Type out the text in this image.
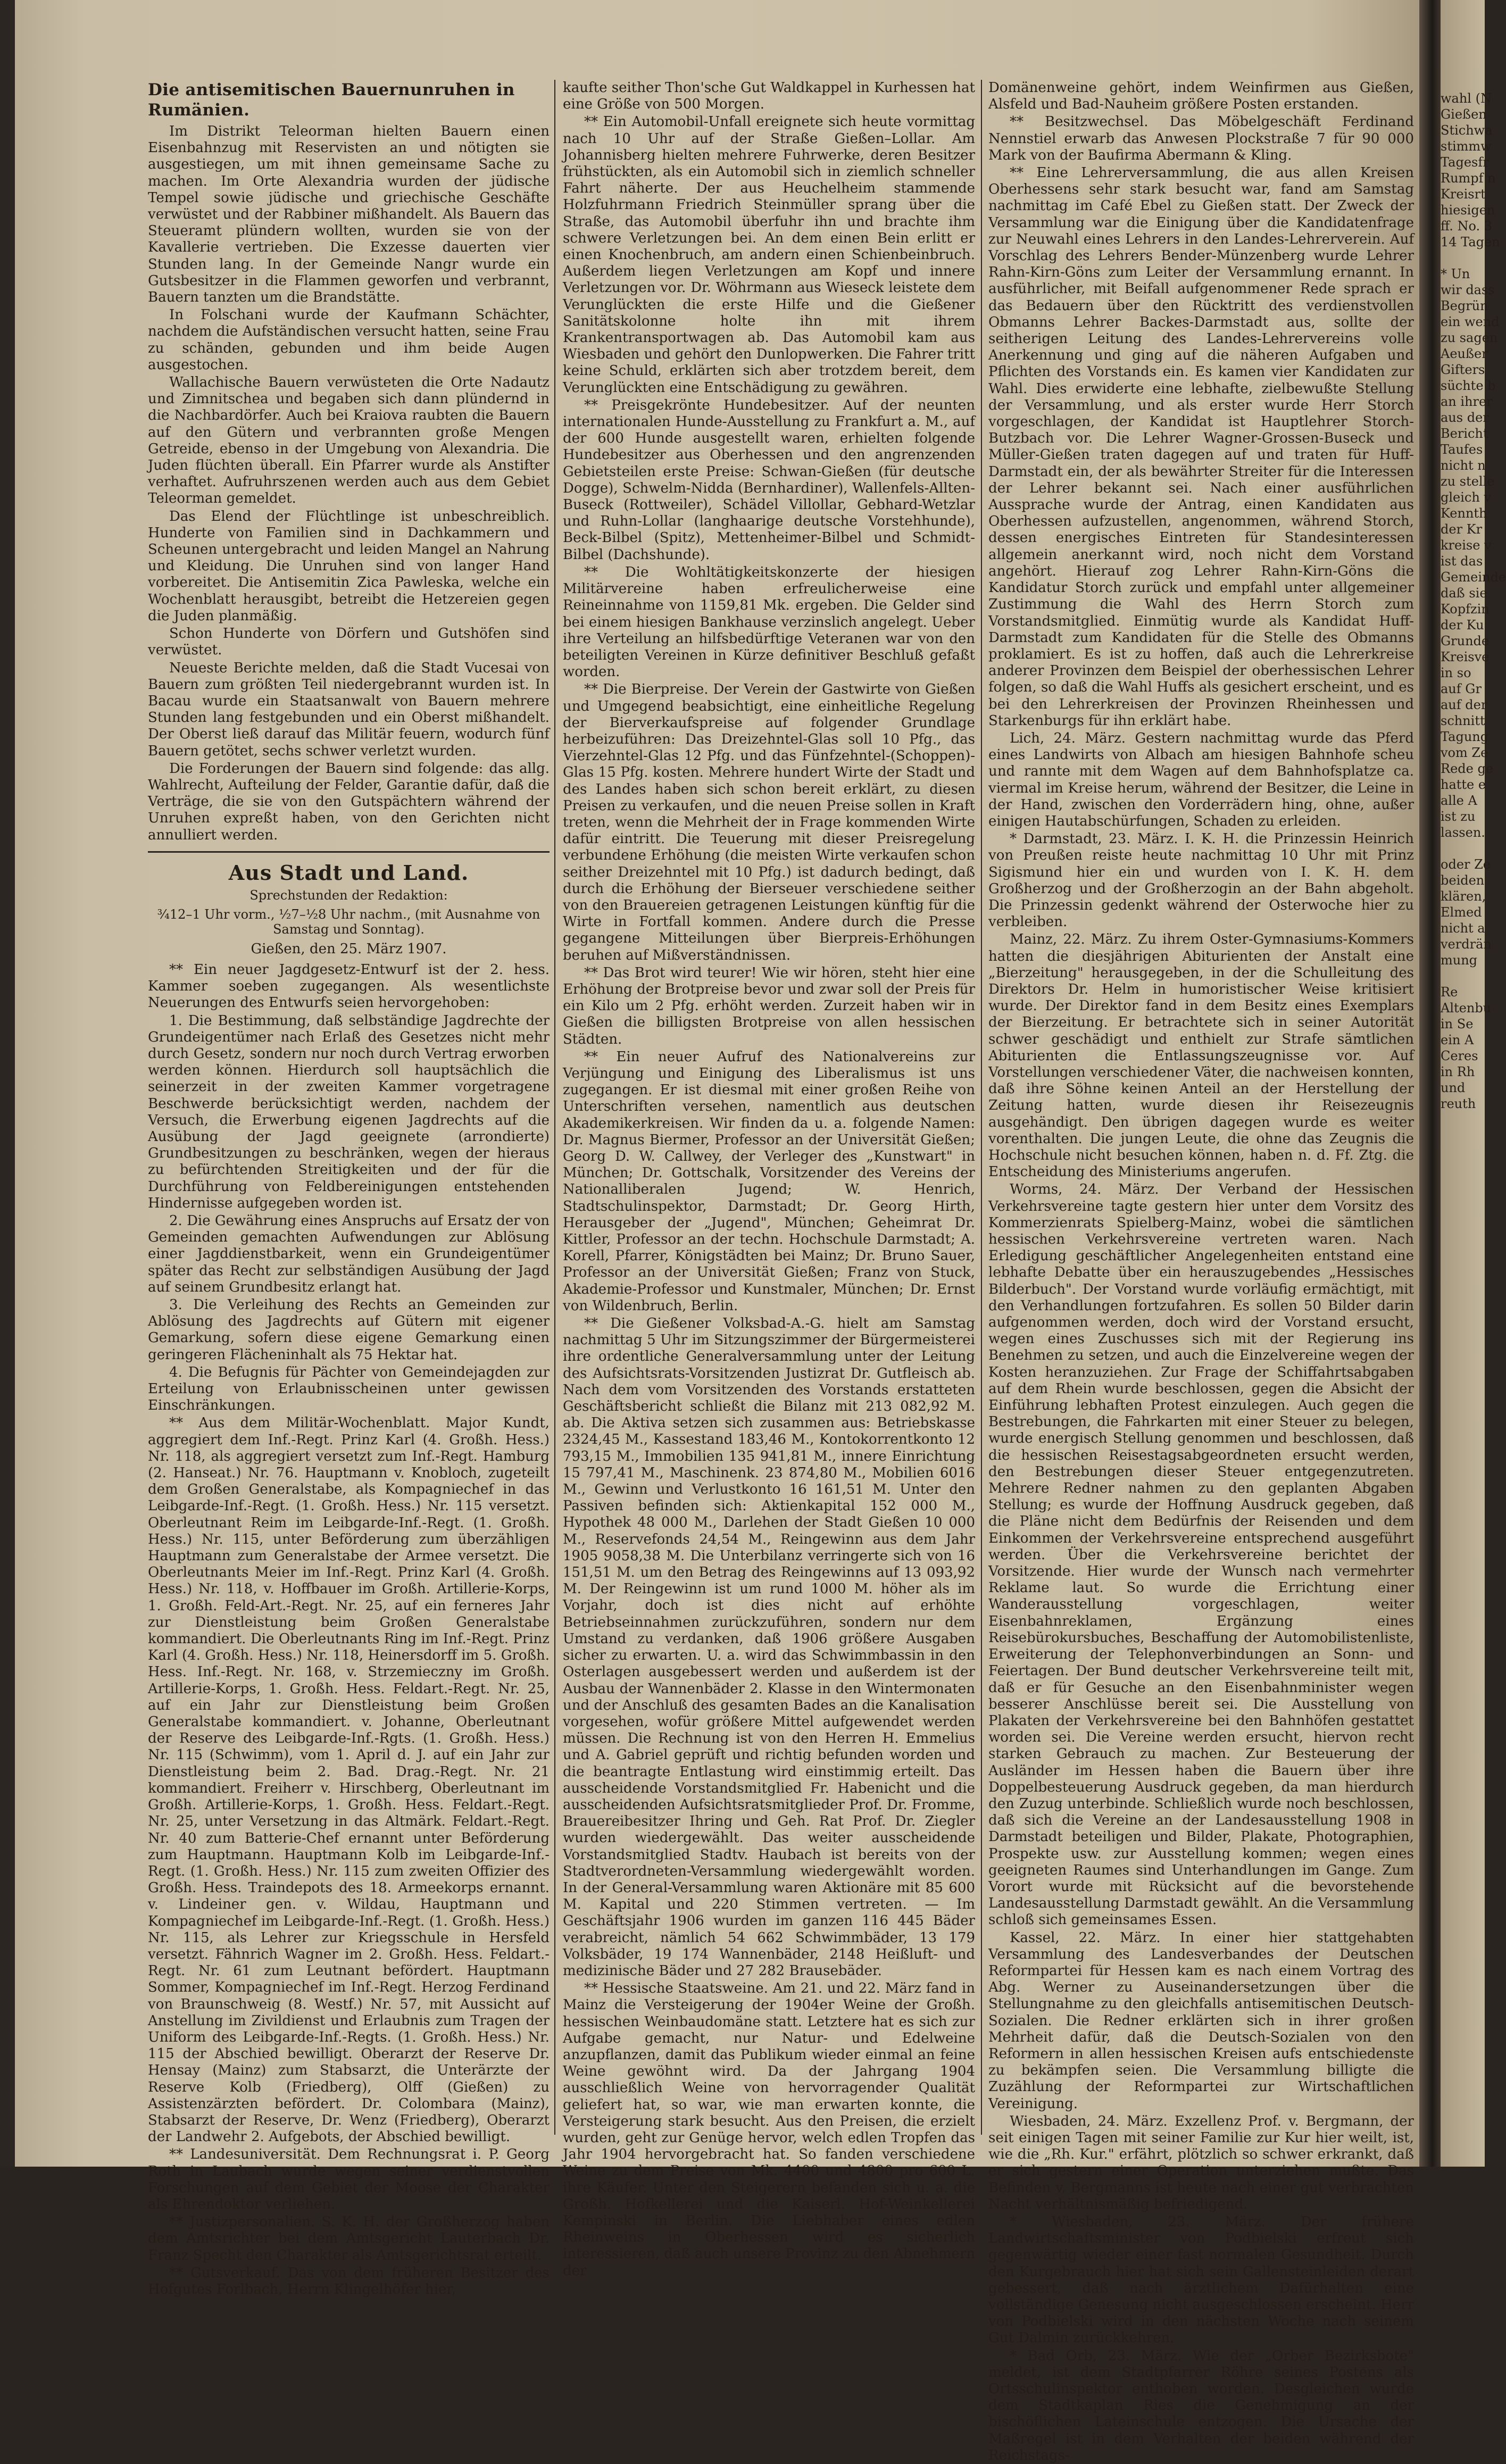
Die antisemitischen Bauernunruhen in Rumänien.

Im Distrikt Teleorman hielten Bauern einen Eisenbahnzug mit Reservisten an und nötigten sie ausgestiegen, um mit ihnen gemeinsame Sache zu machen. Im Orte Alexandria wurden der jüdische Tempel sowie jüdische und griechische Geschäfte verwüstet und der Rabbiner mißhandelt. Als Bauern das Steueramt plündern wollten, wurden sie von der Kavallerie vertrieben. Die Exzesse dauerten vier Stunden lang. In der Gemeinde Nangr wurde ein Gutsbesitzer in die Flammen geworfen und verbrannt, Bauern tanzten um die Brandstätte.

In Folschani wurde der Kaufmann Schächter, nachdem die Aufständischen versucht hatten, seine Frau zu schänden, gebunden und ihm beide Augen ausgestochen.

Wallachische Bauern verwüsteten die Orte Nadautz und Zimnitschea und begaben sich dann plündernd in die Nachbardörfer. Auch bei Kraiova raubten die Bauern auf den Gütern und verbrannten große Mengen Getreide, ebenso in der Umgebung von Alexandria. Die Juden flüchten überall. Ein Pfarrer wurde als Anstifter verhaftet. Aufruhrszenen werden auch aus dem Gebiet Teleorman gemeldet.

Das Elend der Flüchtlinge ist unbeschreiblich. Hunderte von Familien sind in Dachkammern und Scheunen untergebracht und leiden Mangel an Nahrung und Kleidung. Die Unruhen sind von langer Hand vorbereitet. Die Antisemitin Zica Pawleska, welche ein Wochenblatt herausgibt, betreibt die Hetzereien gegen die Juden planmäßig.

Schon Hunderte von Dörfern und Gutshöfen sind verwüstet.

Neueste Berichte melden, daß die Stadt Vucesai von Bauern zum größten Teil niedergebrannt wurden ist. In Bacau wurde ein Staatsanwalt von Bauern mehrere Stunden lang festgebunden und ein Oberst mißhandelt. Der Oberst ließ darauf das Militär feuern, wodurch fünf Bauern getötet, sechs schwer verletzt wurden.

Die Forderungen der Bauern sind folgende: das allg. Wahlrecht, Aufteilung der Felder, Garantie dafür, daß die Verträge, die sie von den Gutspächtern während der Unruhen expreßt haben, von den Gerichten nicht annulliert werden.

Aus Stadt und Land.
Sprechstunden der Redaktion:
¾12–1 Uhr vorm., ½7–½8 Uhr nachm., (mit Ausnahme von Samstag und Sonntag).
Gießen, den 25. März 1907.

** Ein neuer Jagdgesetz-Entwurf ist der 2. hess. Kammer soeben zugegangen. Als wesentlichste Neuerungen des Entwurfs seien hervorgehoben:

1. Die Bestimmung, daß selbständige Jagdrechte der Grundeigentümer nach Erlaß des Gesetzes nicht mehr durch Gesetz, sondern nur noch durch Vertrag erworben werden können. Hierdurch soll hauptsächlich die seinerzeit in der zweiten Kammer vorgetragene Beschwerde berücksichtigt werden, nachdem der Versuch, die Erwerbung eigenen Jagdrechts auf die Ausübung der Jagd geeignete (arrondierte) Grundbesitzungen zu beschränken, wegen der hieraus zu befürchtenden Streitigkeiten und der für die Durchführung von Feldbereinigungen entstehenden Hindernisse aufgegeben worden ist.

2. Die Gewährung eines Anspruchs auf Ersatz der von Gemeinden gemachten Aufwendungen zur Ablösung einer Jagddienstbarkeit, wenn ein Grundeigentümer später das Recht zur selbständigen Ausübung der Jagd auf seinem Grundbesitz erlangt hat.

3. Die Verleihung des Rechts an Gemeinden zur Ablösung des Jagdrechts auf Gütern mit eigener Gemarkung, sofern diese eigene Gemarkung einen geringeren Flächeninhalt als 75 Hektar hat.

4. Die Befugnis für Pächter von Gemeindejagden zur Erteilung von Erlaubnisscheinen unter gewissen Einschränkungen.

** Aus dem Militär-Wochenblatt. Major Kundt, aggregiert dem Inf.-Regt. Prinz Karl (4. Großh. Hess.) Nr. 118, als aggregiert versetzt zum Inf.-Regt. Hamburg (2. Hanseat.) Nr. 76. Hauptmann v. Knobloch, zugeteilt dem Großen Generalstabe, als Kompagniechef in das Leibgarde-Inf.-Regt. (1. Großh. Hess.) Nr. 115 versetzt. Oberleutnant Reim im Leibgarde-Inf.-Regt. (1. Großh. Hess.) Nr. 115, unter Beförderung zum überzähligen Hauptmann zum Generalstabe der Armee versetzt. Die Oberleutnants Meier im Inf.-Regt. Prinz Karl (4. Großh. Hess.) Nr. 118, v. Hoffbauer im Großh. Artillerie-Korps, 1. Großh. Feld-Art.-Regt. Nr. 25, auf ein ferneres Jahr zur Dienstleistung beim Großen Generalstabe kommandiert. Die Oberleutnants Ring im Inf.-Regt. Prinz Karl (4. Großh. Hess.) Nr. 118, Heinersdorff im 5. Großh. Hess. Inf.-Regt. Nr. 168, v. Strzemieczny im Großh. Artillerie-Korps, 1. Großh. Hess. Feldart.-Regt. Nr. 25, auf ein Jahr zur Dienstleistung beim Großen Generalstabe kommandiert. v. Johanne, Oberleutnant der Reserve des Leibgarde-Inf.-Rgts. (1. Großh. Hess.) Nr. 115 (Schwimm), vom 1. April d. J. auf ein Jahr zur Dienstleistung beim 2. Bad. Drag.-Regt. Nr. 21 kommandiert. Freiherr v. Hirschberg, Oberleutnant im Großh. Artillerie-Korps, 1. Großh. Hess. Feldart.-Regt. Nr. 25, unter Versetzung in das Altmärk. Feldart.-Regt. Nr. 40 zum Batterie-Chef ernannt unter Beförderung zum Hauptmann. Hauptmann Kolb im Leibgarde-Inf.-Regt. (1. Großh. Hess.) Nr. 115 zum zweiten Offizier des Großh. Hess. Traindepots des 18. Armeekorps ernannt. v. Lindeiner gen. v. Wildau, Hauptmann und Kompagniechef im Leibgarde-Inf.-Regt. (1. Großh. Hess.) Nr. 115, als Lehrer zur Kriegsschule in Hersfeld versetzt. Fähnrich Wagner im 2. Großh. Hess. Feldart.-Regt. Nr. 61 zum Leutnant befördert. Hauptmann Sommer, Kompagniechef im Inf.-Regt. Herzog Ferdinand von Braunschweig (8. Westf.) Nr. 57, mit Aussicht auf Anstellung im Zivildienst und Erlaubnis zum Tragen der Uniform des Leibgarde-Inf.-Regts. (1. Großh. Hess.) Nr. 115 der Abschied bewilligt. Oberarzt der Reserve Dr. Hensay (Mainz) zum Stabsarzt, die Unterärzte der Reserve Kolb (Friedberg), Olff (Gießen) zu Assistenzärzten befördert. Dr. Colombara (Mainz), Stabsarzt der Reserve, Dr. Wenz (Friedberg), Oberarzt der Landwehr 2. Aufgebots, der Abschied bewilligt.

** Landesuniversität. Dem Rechnungsrat i. P. Georg Roth in Laubach wurde wegen seiner verdienstvollen Forschungen auf dem Gebiet der Moose der Charakter als Ehrendoktor verliehen.

** Justizpersonalien. S. K. H. der Großherzog haben dem Amtsrichter bei dem Amtsgericht Lauterbach Dr. Franz Specht den Charakter als Amtsgerichtsrat erteilt.

** Gutsverkauf. Das von dem früheren Besitzer des Hofgutes Forlbach, Herrn Klingelhöfer hier,

kaufte seither Thon'sche Gut Waldkappel in Kurhessen hat eine Größe von 500 Morgen.

** Ein Automobil-Unfall ereignete sich heute vormittag nach 10 Uhr auf der Straße Gießen–Lollar. Am Johannisberg hielten mehrere Fuhrwerke, deren Besitzer frühstückten, als ein Automobil sich in ziemlich schneller Fahrt näherte. Der aus Heuchelheim stammende Holzfuhrmann Friedrich Steinmüller sprang über die Straße, das Automobil überfuhr ihn und brachte ihm schwere Verletzungen bei. An dem einen Bein erlitt er einen Knochenbruch, am andern einen Schienbeinbruch. Außerdem liegen Verletzungen am Kopf und innere Verletzungen vor. Dr. Wöhrmann aus Wieseck leistete dem Verunglückten die erste Hilfe und die Gießener Sanitätskolonne holte ihn mit ihrem Krankentransportwagen ab. Das Automobil kam aus Wiesbaden und gehört den Dunlopwerken. Die Fahrer tritt keine Schuld, erklärten sich aber trotzdem bereit, dem Verunglückten eine Entschädigung zu gewähren.

** Preisgekrönte Hundebesitzer. Auf der neunten internationalen Hunde-Ausstellung zu Frankfurt a. M., auf der 600 Hunde ausgestellt waren, erhielten folgende Hundebesitzer aus Oberhessen und den angrenzenden Gebietsteilen erste Preise: Schwan-Gießen (für deutsche Dogge), Schwelm-Nidda (Bernhardiner), Wallenfels-Allten-Buseck (Rottweiler), Schädel Villollar, Gebhard-Wetzlar und Ruhn-Lollar (langhaarige deutsche Vorstehhunde), Beck-Bilbel (Spitz), Mettenheimer-Bilbel und Schmidt-Bilbel (Dachshunde).

** Die Wohltätigkeitskonzerte der hiesigen Militärvereine haben erfreulicherweise eine Reineinnahme von 1159,81 Mk. ergeben. Die Gelder sind bei einem hiesigen Bankhause verzinslich angelegt. Ueber ihre Verteilung an hilfsbedürftige Veteranen war von den beteiligten Vereinen in Kürze definitiver Beschluß gefaßt worden.

** Die Bierpreise. Der Verein der Gastwirte von Gießen und Umgegend beabsichtigt, eine einheitliche Regelung der Bierverkaufspreise auf folgender Grundlage herbeizuführen: Das Dreizehntel-Glas soll 10 Pfg., das Vierzehntel-Glas 12 Pfg. und das Fünfzehntel-(Schoppen)-Glas 15 Pfg. kosten. Mehrere hundert Wirte der Stadt und des Landes haben sich schon bereit erklärt, zu diesen Preisen zu verkaufen, und die neuen Preise sollen in Kraft treten, wenn die Mehrheit der in Frage kommenden Wirte dafür eintritt. Die Teuerung mit dieser Preisregelung verbundene Erhöhung (die meisten Wirte verkaufen schon seither Dreizehntel mit 10 Pfg.) ist dadurch bedingt, daß durch die Erhöhung der Bierseuer verschiedene seither von den Brauereien getragenen Leistungen künftig für die Wirte in Fortfall kommen. Andere durch die Presse gegangene Mitteilungen über Bierpreis-Erhöhungen beruhen auf Mißverständnissen.

** Das Brot wird teurer! Wie wir hören, steht hier eine Erhöhung der Brotpreise bevor und zwar soll der Preis für ein Kilo um 2 Pfg. erhöht werden. Zurzeit haben wir in Gießen die billigsten Brotpreise von allen hessischen Städten.

** Ein neuer Aufruf des Nationalvereins zur Verjüngung und Einigung des Liberalismus ist uns zugegangen. Er ist diesmal mit einer großen Reihe von Unterschriften versehen, namentlich aus deutschen Akademikerkreisen. Wir finden da u. a. folgende Namen: Dr. Magnus Biermer, Professor an der Universität Gießen; Georg D. W. Callwey, der Verleger des „Kunstwart" in München; Dr. Gottschalk, Vorsitzender des Vereins der Nationalliberalen Jugend; W. Henrich, Stadtschulinspektor, Darmstadt; Dr. Georg Hirth, Herausgeber der „Jugend", München; Geheimrat Dr. Kittler, Professor an der techn. Hochschule Darmstadt; A. Korell, Pfarrer, Königstädten bei Mainz; Dr. Bruno Sauer, Professor an der Universität Gießen; Franz von Stuck, Akademie-Professor und Kunstmaler, München; Dr. Ernst von Wildenbruch, Berlin.

** Die Gießener Volksbad-A.-G. hielt am Samstag nachmittag 5 Uhr im Sitzungszimmer der Bürgermeisterei ihre ordentliche Generalversammlung unter der Leitung des Aufsichtsrats-Vorsitzenden Justizrat Dr. Gutfleisch ab. Nach dem vom Vorsitzenden des Vorstands erstatteten Geschäftsbericht schließt die Bilanz mit 213 082,92 M. ab. Die Aktiva setzen sich zusammen aus: Betriebskasse 2324,45 M., Kassestand 183,46 M., Kontokorrentkonto 12 793,15 M., Immobilien 135 941,81 M., innere Einrichtung 15 797,41 M., Maschinenk. 23 874,80 M., Mobilien 6016 M., Gewinn und Verlustkonto 16 161,51 M. Unter den Passiven befinden sich: Aktienkapital 152 000 M., Hypothek 48 000 M., Darlehen der Stadt Gießen 10 000 M., Reservefonds 24,54 M., Reingewinn aus dem Jahr 1905 9058,38 M. Die Unterbilanz verringerte sich von 16 151,51 M. um den Betrag des Reingewinns auf 13 093,92 M. Der Reingewinn ist um rund 1000 M. höher als im Vorjahr, doch ist dies nicht auf erhöhte Betriebseinnahmen zurückzuführen, sondern nur dem Umstand zu verdanken, daß 1906 größere Ausgaben sicher zu erwarten. U. a. wird das Schwimmbassin in den Osterlagen ausgebessert werden und außerdem ist der Ausbau der Wannenbäder 2. Klasse in den Wintermonaten und der Anschluß des gesamten Bades an die Kanalisation vorgesehen, wofür größere Mittel aufgewendet werden müssen. Die Rechnung ist von den Herren H. Emmelius und A. Gabriel geprüft und richtig befunden worden und die beantragte Entlastung wird einstimmig erteilt. Das ausscheidende Vorstandsmitglied Fr. Habenicht und die ausscheidenden Aufsichtsratsmitglieder Prof. Dr. Fromme, Brauereibesitzer Ihring und Geh. Rat Prof. Dr. Ziegler wurden wiedergewählt. Das weiter ausscheidende Vorstandsmitglied Stadtv. Haubach ist bereits von der Stadtverordneten-Versammlung wiedergewählt worden. In der General-Versammlung waren Aktionäre mit 85 600 M. Kapital und 220 Stimmen vertreten. — Im Geschäftsjahr 1906 wurden im ganzen 116 445 Bäder verabreicht, nämlich 54 662 Schwimmbäder, 13 179 Volksbäder, 19 174 Wannenbäder, 2148 Heißluft- und medizinische Bäder und 27 282 Brausebäder.

** Hessische Staatsweine. Am 21. und 22. März fand in Mainz die Versteigerung der 1904er Weine der Großh. hessischen Weinbaudomäne statt. Letztere hat es sich zur Aufgabe gemacht, nur Natur- und Edelweine anzupflanzen, damit das Publikum wieder einmal an feine Weine gewöhnt wird. Da der Jahrgang 1904 ausschließlich Weine von hervorragender Qualität geliefert hat, so war, wie man erwarten konnte, die Versteigerung stark besucht. Aus den Preisen, die erzielt wurden, geht zur Genüge hervor, welch edlen Tropfen das Jahr 1904 hervorgebracht hat. So fanden verschiedene Weine zu dem Preise von Mk. 4400 und 4800 pro 600 L. ihre Käufer. Unter den Steigerern befanden sich u. a. die Großh. Hofkellerei und die Kaiserl. Hof-Weinkellerei Kempinski in Berlin. Die Liebhaber eines edlen Rheinweins in Oberhessen wird es sicherlich interessieren, daß auch unsere Provinz zu den Abnehmern der

Domänenweine gehört, indem Weinfirmen aus Gießen, Alsfeld und Bad-Nauheim größere Posten erstanden.

** Besitzwechsel. Das Möbelgeschäft Ferdinand Nennstiel erwarb das Anwesen Plockstraße 7 für 90 000 Mark von der Baufirma Abermann & Kling.

** Eine Lehrerversammlung, die aus allen Kreisen Oberhessens sehr stark besucht war, fand am Samstag nachmittag im Café Ebel zu Gießen statt. Der Zweck der Versammlung war die Einigung über die Kandidatenfrage zur Neuwahl eines Lehrers in den Landes-Lehrerverein. Auf Vorschlag des Lehrers Bender-Münzenberg wurde Lehrer Rahn-Kirn-Göns zum Leiter der Versammlung ernannt. In ausführlicher, mit Beifall aufgenommener Rede sprach er das Bedauern über den Rücktritt des verdienstvollen Obmanns Lehrer Backes-Darmstadt aus, sollte der seitherigen Leitung des Landes-Lehrervereins volle Anerkennung und ging auf die näheren Aufgaben und Pflichten des Vorstands ein. Es kamen vier Kandidaten zur Wahl. Dies erwiderte eine lebhafte, zielbewußte Stellung der Versammlung, und als erster wurde Herr Storch vorgeschlagen, der Kandidat ist Hauptlehrer Storch-Butzbach vor. Die Lehrer Wagner-Grossen-Buseck und Müller-Gießen traten dagegen auf und traten für Huff-Darmstadt ein, der als bewährter Streiter für die Interessen der Lehrer bekannt sei. Nach einer ausführlichen Aussprache wurde der Antrag, einen Kandidaten aus Oberhessen aufzustellen, angenommen, während Storch, dessen energisches Eintreten für Standesinteressen allgemein anerkannt wird, noch nicht dem Vorstand angehört. Hierauf zog Lehrer Rahn-Kirn-Göns die Kandidatur Storch zurück und empfahl unter allgemeiner Zustimmung die Wahl des Herrn Storch zum Vorstandsmitglied. Einmütig wurde als Kandidat Huff-Darmstadt zum Kandidaten für die Stelle des Obmanns proklamiert. Es ist zu hoffen, daß auch die Lehrerkreise anderer Provinzen dem Beispiel der oberhessischen Lehrer folgen, so daß die Wahl Huffs als gesichert erscheint, und es bei den Lehrerkreisen der Provinzen Rheinhessen und Starkenburgs für ihn erklärt habe.

Lich, 24. März. Gestern nachmittag wurde das Pferd eines Landwirts von Albach am hiesigen Bahnhofe scheu und rannte mit dem Wagen auf dem Bahnhofsplatze ca. viermal im Kreise herum, während der Besitzer, die Leine in der Hand, zwischen den Vorderrädern hing, ohne, außer einigen Hautabschürfungen, Schaden zu erleiden.

* Darmstadt, 23. März. I. K. H. die Prinzessin Heinrich von Preußen reiste heute nachmittag 10 Uhr mit Prinz Sigismund hier ein und wurden von I. K. H. dem Großherzog und der Großherzogin an der Bahn abgeholt. Die Prinzessin gedenkt während der Osterwoche hier zu verbleiben.

Mainz, 22. März. Zu ihrem Oster-Gymnasiums-Kommers hatten die diesjährigen Abiturienten der Anstalt eine „Bierzeitung" herausgegeben, in der die Schulleitung des Direktors Dr. Helm in humoristischer Weise kritisiert wurde. Der Direktor fand in dem Besitz eines Exemplars der Bierzeitung. Er betrachtete sich in seiner Autorität schwer geschädigt und enthielt zur Strafe sämtlichen Abiturienten die Entlassungszeugnisse vor. Auf Vorstellungen verschiedener Väter, die nachweisen konnten, daß ihre Söhne keinen Anteil an der Herstellung der Zeitung hatten, wurde diesen ihr Reisezeugnis ausgehändigt. Den übrigen dagegen wurde es weiter vorenthalten. Die jungen Leute, die ohne das Zeugnis die Hochschule nicht besuchen können, haben n. d. Ff. Ztg. die Entscheidung des Ministeriums angerufen.

Worms, 24. März. Der Verband der Hessischen Verkehrsvereine tagte gestern hier unter dem Vorsitz des Kommerzienrats Spielberg-Mainz, wobei die sämtlichen hessischen Verkehrsvereine vertreten waren. Nach Erledigung geschäftlicher Angelegenheiten entstand eine lebhafte Debatte über ein herauszugebendes „Hessisches Bilderbuch". Der Vorstand wurde vorläufig ermächtigt, mit den Verhandlungen fortzufahren. Es sollen 50 Bilder darin aufgenommen werden, doch wird der Vorstand ersucht, wegen eines Zuschusses sich mit der Regierung ins Benehmen zu setzen, und auch die Einzelvereine wegen der Kosten heranzuziehen. Zur Frage der Schiffahrtsabgaben auf dem Rhein wurde beschlossen, gegen die Absicht der Einführung lebhaften Protest einzulegen. Auch gegen die Bestrebungen, die Fahrkarten mit einer Steuer zu belegen, wurde energisch Stellung genommen und beschlossen, daß die hessischen Reisestagsabgeordneten ersucht werden, den Bestrebungen dieser Steuer entgegenzutreten. Mehrere Redner nahmen zu den geplanten Abgaben Stellung; es wurde der Hoffnung Ausdruck gegeben, daß die Pläne nicht dem Bedürfnis der Reisenden und dem Einkommen der Verkehrsvereine entsprechend ausgeführt werden. Über die Verkehrsvereine berichtet der Vorsitzende. Hier wurde der Wunsch nach vermehrter Reklame laut. So wurde die Errichtung einer Wanderausstellung vorgeschlagen, weiter Eisenbahnreklamen, Ergänzung eines Reisebürokursbuches, Beschaffung der Automobilistenliste, Erweiterung der Telephonverbindungen an Sonn- und Feiertagen. Der Bund deutscher Verkehrsvereine teilt mit, daß er für Gesuche an den Eisenbahnminister wegen besserer Anschlüsse bereit sei. Die Ausstellung von Plakaten der Verkehrsvereine bei den Bahnhöfen gestattet worden sei. Die Vereine werden ersucht, hiervon recht starken Gebrauch zu machen. Zur Besteuerung der Ausländer im Hessen haben die Bauern über ihre Doppelbesteuerung Ausdruck gegeben, da man hierdurch den Zuzug unterbinde. Schließlich wurde noch beschlossen, daß sich die Vereine an der Landesausstellung 1908 in Darmstadt beteiligen und Bilder, Plakate, Photographien, Prospekte usw. zur Ausstellung kommen; wegen eines geeigneten Raumes sind Unterhandlungen im Gange. Zum Vorort wurde mit Rücksicht auf die bevorstehende Landesausstellung Darmstadt gewählt. An die Versammlung schloß sich gemeinsames Essen.

Kassel, 22. März. In einer hier stattgehabten Versammlung des Landesverbandes der Deutschen Reformpartei für Hessen kam es nach einem Vortrag des Abg. Werner zu Auseinandersetzungen über die Stellungnahme zu den gleichfalls antisemitischen Deutsch-Sozialen. Die Redner erklärten sich in ihrer großen Mehrheit dafür, daß die Deutsch-Sozialen von den Reformern in allen hessischen Kreisen aufs entschiedenste zu bekämpfen seien. Die Versammlung billigte die Zuzählung der Reformpartei zur Wirtschaftlichen Vereinigung.

Wiesbaden, 24. März. Exzellenz Prof. v. Bergmann, der seit einigen Tagen mit seiner Familie zur Kur hier weilt, ist, wie die „Rh. Kur." erfährt, plötzlich so schwer erkrankt, daß er sich gestern einer Operation unterziehen mußte. Das Befinden v. Bergmanns ist heute nach einer gut verbrachten Nacht verhältnismäßig befriedigend.

* Wiesbaden, 23. März. Der frühere Landwirtschaftsminister von Podbielski erfreut sich gegenwärtig wieder einer fast normalen Gesundheit. Durch den Kurgebrauch hier hat sich sein Gallensteinleiden derart gebessert, daß nach ärztlichem Dafürhalten eine vollständige Genesung nicht ausgeschlossen erscheint. Herr von Podbielski wird in den nächsten Woche nach seinem Gut Dalmin zurückkehren.

* Bad Orb, 23. März. Wie der „Orber Bezirksbote" meldet, ist dem Stadtpfarrer Röhre seines Postens als Ortsschulinspektor enthoben worden. Desgleichen wurde dem Stadtkaplan Ries die Genehmigung an der bischöflichen Lateinschule entzogen. Die Ursache der Maßregel ist in dem Verhalten der beiden während der Reichstags-

wahl (N
Gießen
Stichwa
stimmw
Tagesfr
Rumpf n
Kreisrt
hiesigen
ff. No. 3
14 Tagen

* Un
wir dass
Begrün
ein wend
zu sagen
Aeußer
Gifters
süchte b
an ihrer
aus der
Bericht
Taufes
nicht n
zu stelle
gleich v
Kennth
der Kr
kreise v
ist das
Gemeinde
daß sie
Kopfzin
der Ku
Grunde
Kreisve
in so
auf Gr
auf der
schnitt
Tagung
vom Ze
Rede ge
hatte e
alle A
ist zu
lassen.

oder Ze
beiden
klären,
Elmed
nicht a
verdrän
mung

Re
Altenbu
in Se
ein A
Ceres
in Rh
und
reuth
